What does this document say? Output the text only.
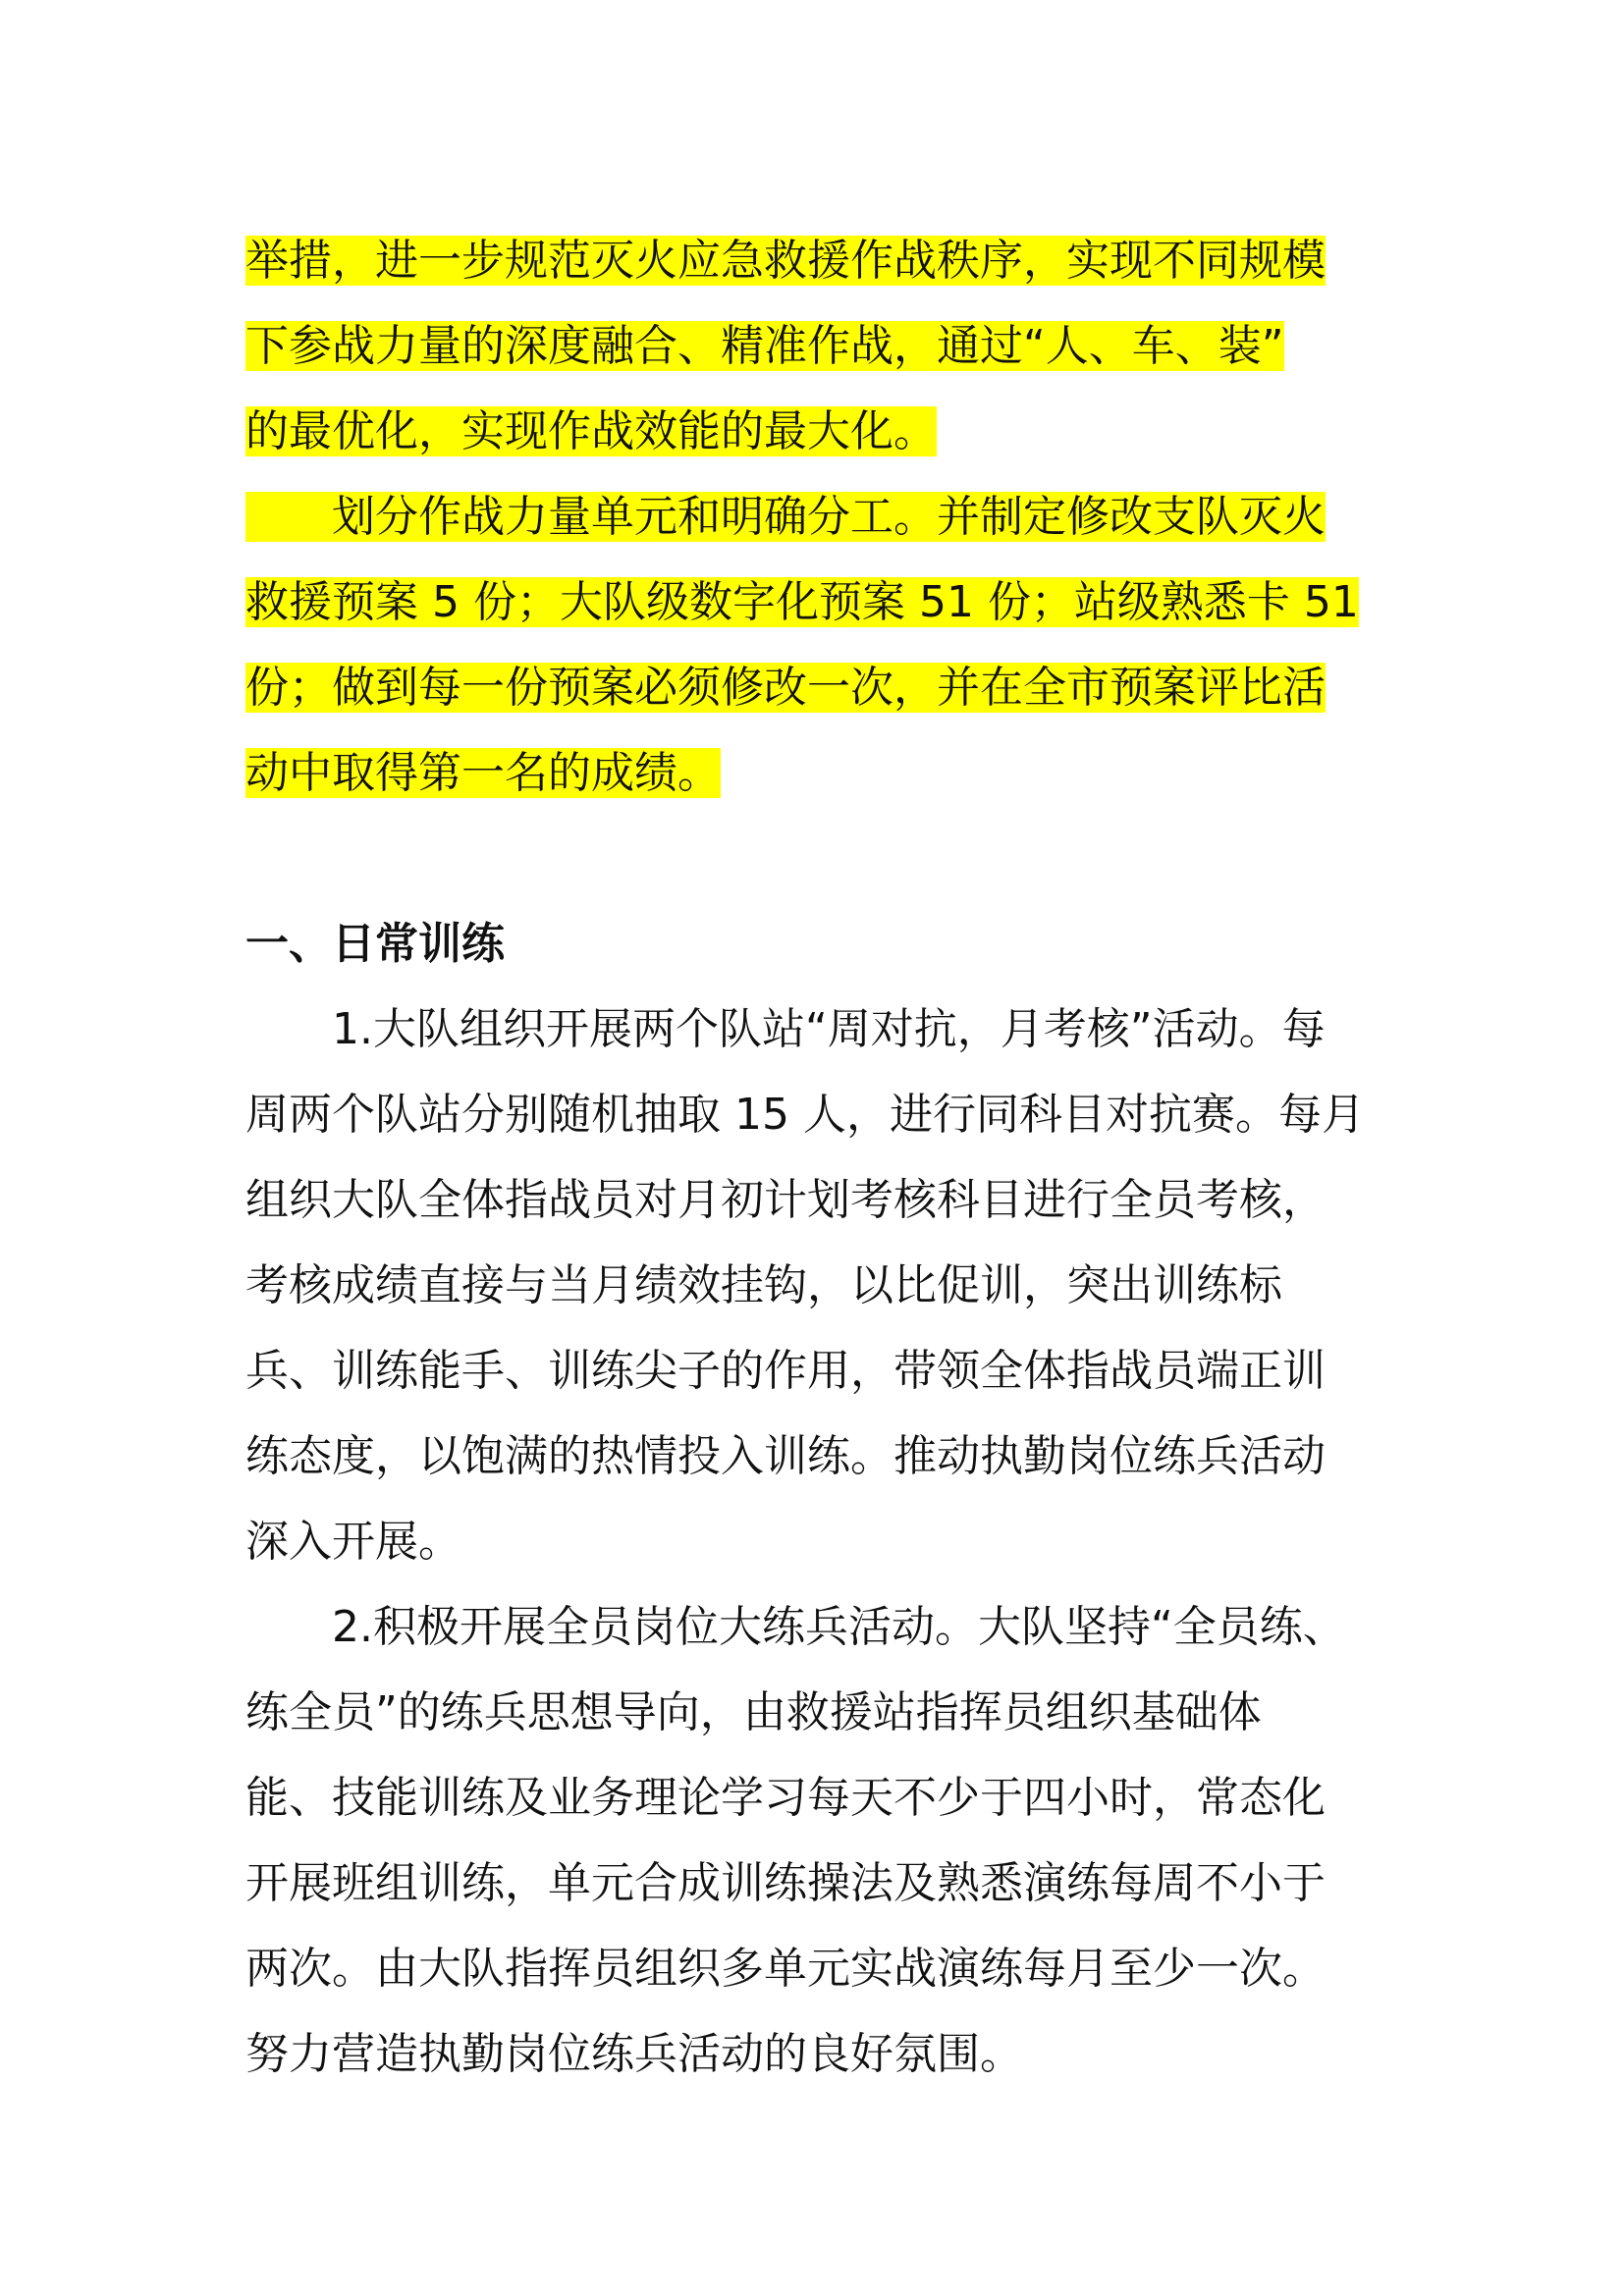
举措，进一步规范灭火应急救援作战秩序，实现不同规模
下参战力量的深度融合、精准作战，通过“人、车、装”
的最优化，实现作战效能的最大化。
　　划分作战力量单元和明确分工。并制定修改支队灭火
救援预案 5 份；大队级数字化预案 51 份；站级熟悉卡 51
份；做到每一份预案必须修改一次，并在全市预案评比活
动中取得第一名的成绩。
一、日常训练
　　1.大队组织开展两个队站“周对抗，月考核”活动。每
周两个队站分别随机抽取 15 人，进行同科目对抗赛。每月
组织大队全体指战员对月初计划考核科目进行全员考核，
考核成绩直接与当月绩效挂钩，以比促训，突出训练标
兵、训练能手、训练尖子的作用，带领全体指战员端正训
练态度，以饱满的热情投入训练。推动执勤岗位练兵活动
深入开展。
　　2.积极开展全员岗位大练兵活动。大队坚持“全员练、
练全员”的练兵思想导向，由救援站指挥员组织基础体
能、技能训练及业务理论学习每天不少于四小时，常态化
开展班组训练，单元合成训练操法及熟悉演练每周不小于
两次。由大队指挥员组织多单元实战演练每月至少一次。
努力营造执勤岗位练兵活动的良好氛围。
